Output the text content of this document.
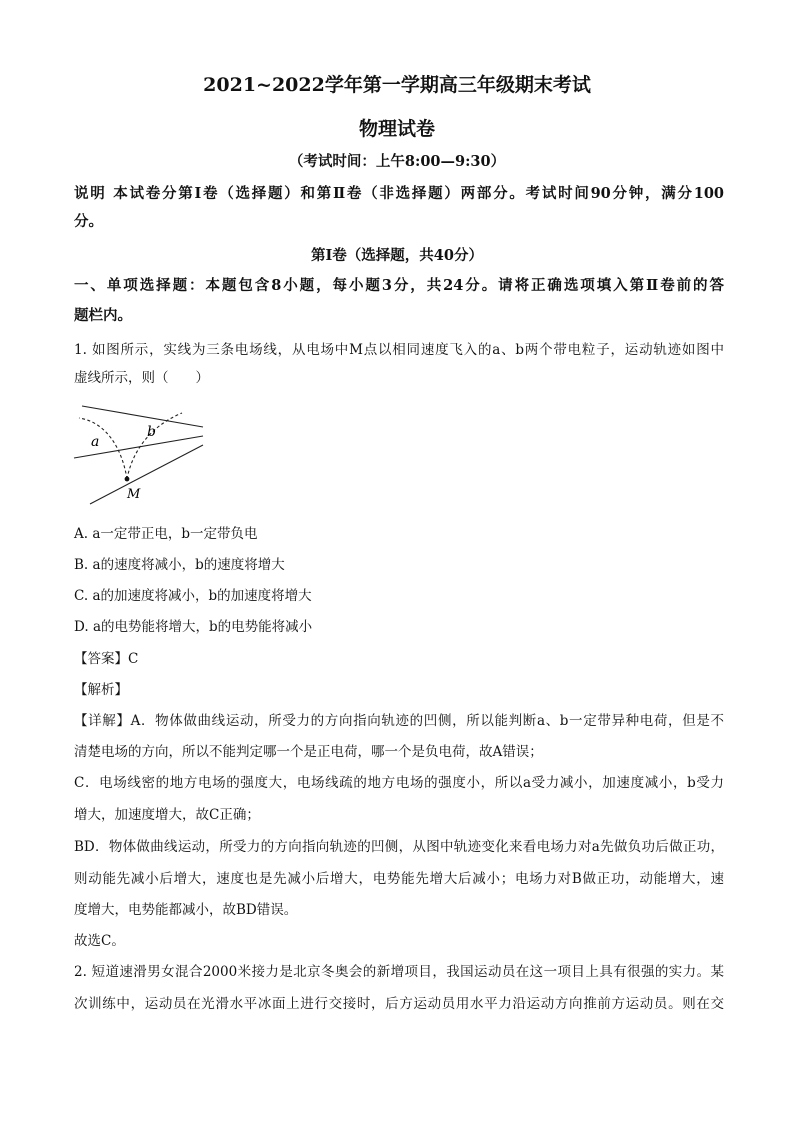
2021~2022学年第一学期高三年级期末考试
物理试卷
（考试时间：上午8:00—9:30）
说明 本试卷分第Ⅰ卷（选择题）和第Ⅱ卷（非选择题）两部分。考试时间90分钟，满分100
分。
第Ⅰ卷（选择题，共40分）
一、单项选择题：本题包含8小题，每小题3分，共24分。请将正确选项填入第Ⅱ卷前的答
题栏内。
1. 如图所示，实线为三条电场线，从电场中M点以相同速度飞入的a、b两个带电粒子，运动轨迹如图中
虚线所示，则（　　）
a
b
M
A. a一定带正电，b一定带负电
B. a的速度将减小，b的速度将增大
C. a的加速度将减小，b的加速度将增大
D. a的电势能将增大，b的电势能将减小
【答案】C
【解析】
【详解】A．物体做曲线运动，所受力的方向指向轨迹的凹侧，所以能判断a、b一定带异种电荷，但是不
清楚电场的方向，所以不能判定哪一个是正电荷，哪一个是负电荷，故A错误；
C．电场线密的地方电场的强度大，电场线疏的地方电场的强度小，所以a受力减小，加速度减小，b受力
增大，加速度增大，故C正确；
BD．物体做曲线运动，所受力的方向指向轨迹的凹侧，从图中轨迹变化来看电场力对a先做负功后做正功，
则动能先减小后增大，速度也是先减小后增大，电势能先增大后减小；电场力对B做正功，动能增大，速
度增大，电势能都减小，故BD错误。
故选C。
2. 短道速滑男女混合2000米接力是北京冬奥会的新增项目，我国运动员在这一项目上具有很强的实力。某
次训练中，运动员在光滑水平冰面上进行交接时，后方运动员用水平力沿运动方向推前方运动员。则在交
